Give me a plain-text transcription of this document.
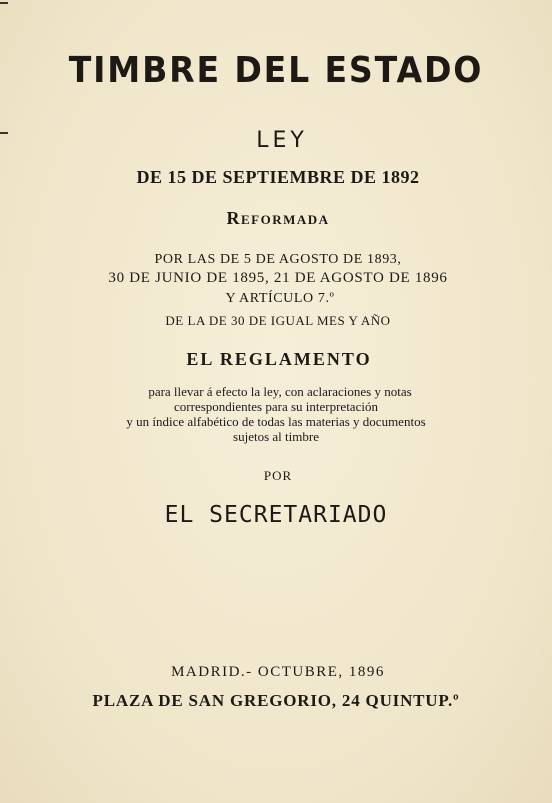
TIMBRE DEL ESTADO
LEY
DE 15 DE SEPTIEMBRE DE 1892
Reformada
POR LAS DE 5 DE AGOSTO DE 1893,
30 DE JUNIO DE 1895, 21 DE AGOSTO DE 1896
Y ARTÍCULO 7.º
DE LA DE 30 DE IGUAL MES Y AÑO
EL REGLAMENTO
para llevar á efecto la ley, con aclaraciones y notas
correspondientes para su interpretación
y un índice alfabético de todas las materias y documentos
sujetos al timbre
POR
EL SECRETARIADO
MADRID.- OCTUBRE, 1896
PLAZA DE SAN GREGORIO, 24 QUINTUP.º
